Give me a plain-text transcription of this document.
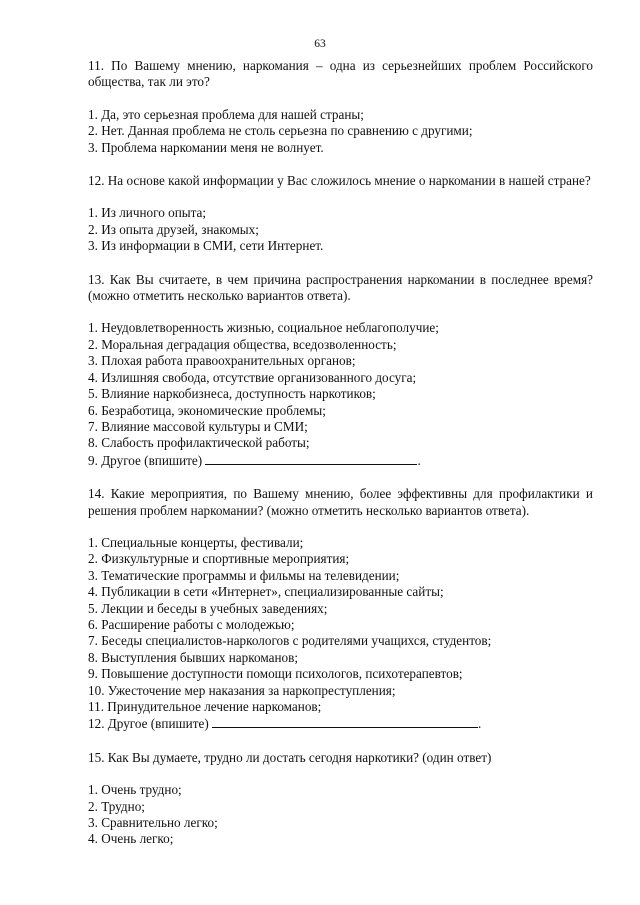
63

11. По Вашему мнению, наркомания – одна из серьезнейших проблем Российского общества, так ли это?

1. Да, это серьезная проблема для нашей страны;
2. Нет. Данная проблема не столь серьезна по сравнению с другими;
3. Проблема наркомании меня не волнует.

12. На основе какой информации у Вас сложилось мнение о наркомании в нашей стране?

1. Из личного опыта;
2. Из опыта друзей, знакомых;
3. Из информации в СМИ, сети Интернет.

13. Как Вы считаете, в чем причина распространения наркомании в последнее время? (можно отметить несколько вариантов ответа).

1. Неудовлетворенность жизнью, социальное неблагополучие;
2. Моральная деградация общества, вседозволенность;
3. Плохая работа правоохранительных органов;
4. Излишняя свобода, отсутствие организованного досуга;
5. Влияние наркобизнеса, доступность наркотиков;
6. Безработица, экономические проблемы;
7. Влияние массовой культуры и СМИ;
8. Слабость профилактической работы;
9. Другое (впишите)	.

14. Какие мероприятия, по Вашему мнению, более эффективны для профилактики и решения проблем наркомании? (можно отметить несколько вариантов ответа).

1. Специальные концерты, фестивали;
2. Физкультурные и спортивные мероприятия;
3. Тематические программы и фильмы на телевидении;
4. Публикации в сети «Интернет», специализированные сайты;
5. Лекции и беседы в учебных заведениях;
6. Расширение работы с молодежью;
7. Беседы специалистов-наркологов с родителями учащихся, студентов;
8. Выступления бывших наркоманов;
9. Повышение доступности помощи психологов, психотерапевтов;
10. Ужесточение мер наказания за наркопреступления;
11. Принудительное лечение наркоманов;
12. Другое (впишите)	.

15. Как Вы думаете, трудно ли достать сегодня наркотики? (один ответ)

1. Очень трудно;
2. Трудно;
3. Сравнительно легко;
4. Очень легко;
